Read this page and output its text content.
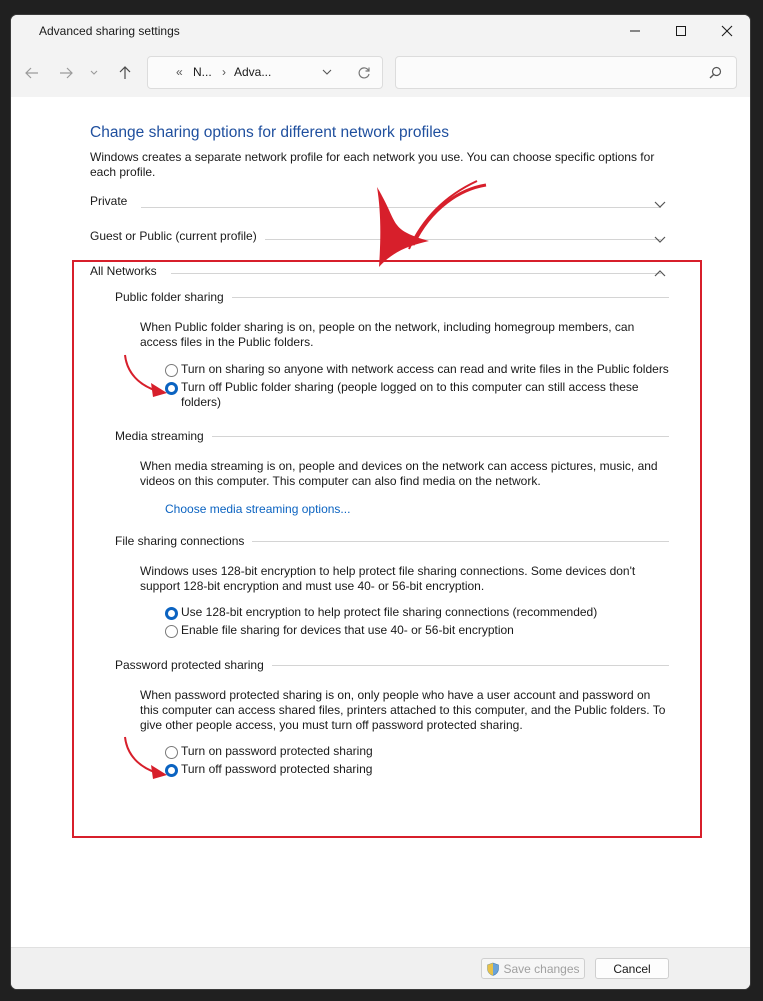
Advanced sharing settings
« N... › Adva...
Change sharing options for different network profiles
Windows creates a separate network profile for each network you use. You can choose specific options for each profile.
Private
Guest or Public (current profile)
All Networks
Public folder sharing
When Public folder sharing is on, people on the network, including homegroup members, can access files in the Public folders.
Turn on sharing so anyone with network access can read and write files in the Public folders
Turn off Public folder sharing (people logged on to this computer can still access these folders)
Media streaming
When media streaming is on, people and devices on the network can access pictures, music, and videos on this computer. This computer can also find media on the network.
Choose media streaming options...
File sharing connections
Windows uses 128-bit encryption to help protect file sharing connections. Some devices don't support 128-bit encryption and must use 40- or 56-bit encryption.
Use 128-bit encryption to help protect file sharing connections (recommended)
Enable file sharing for devices that use 40- or 56-bit encryption
Password protected sharing
When password protected sharing is on, only people who have a user account and password on this computer can access shared files, printers attached to this computer, and the Public folders. To give other people access, you must turn off password protected sharing.
Turn on password protected sharing
Turn off password protected sharing
Save changes	Cancel
